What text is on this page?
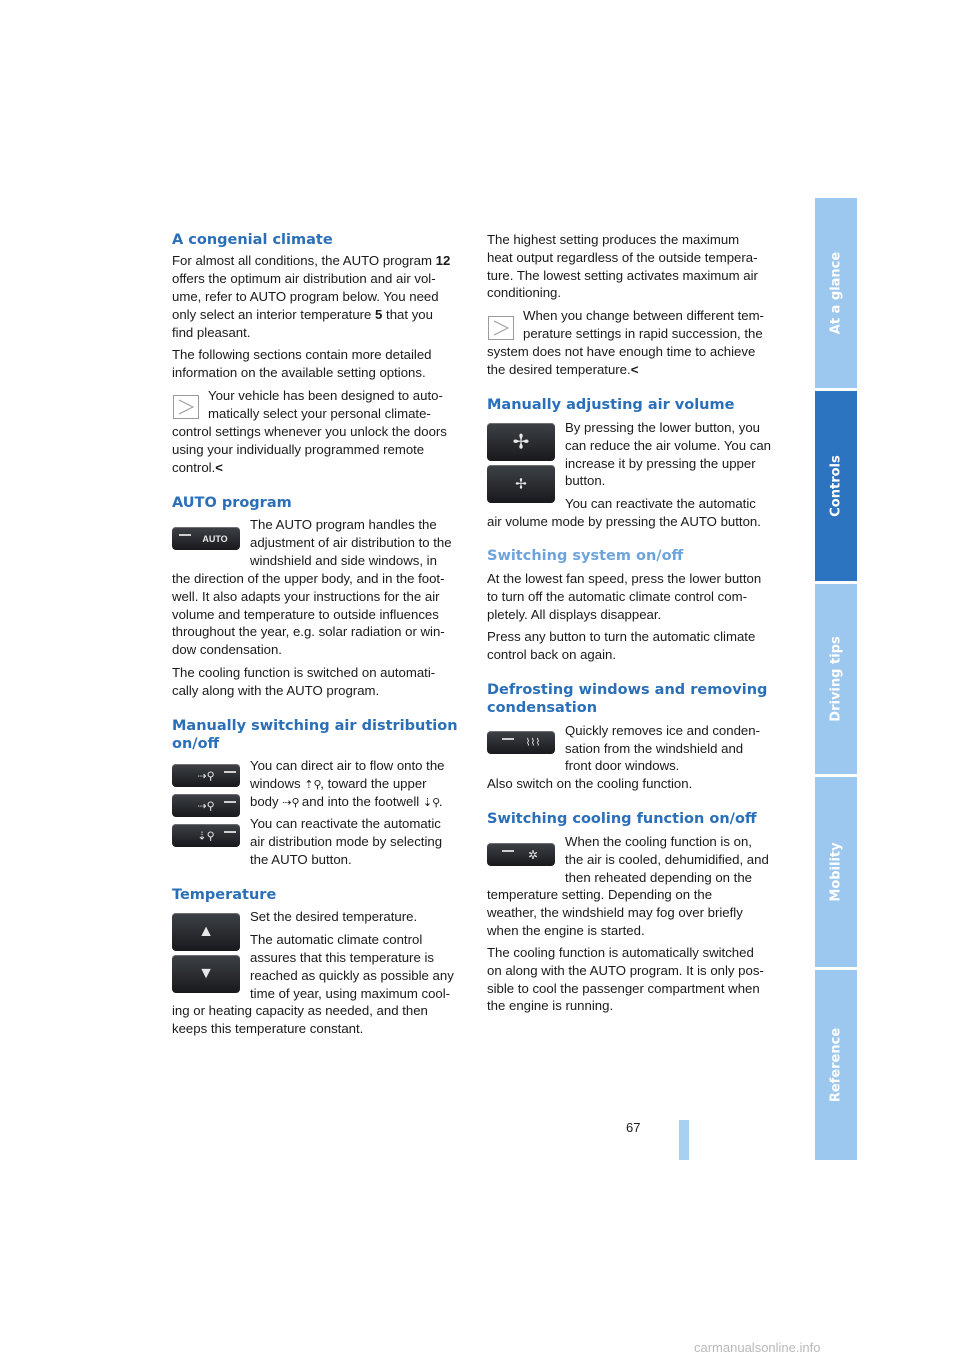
At a glance
Controls
Driving tips
Mobility
Reference
A congenial climate

For almost all conditions, the AUTO program 12

offers the optimum air distribution and air vol-

ume, refer to AUTO program below. You need

only select an interior temperature 5 that you

find pleasant.

The following sections contain more detailed

information on the available setting options.

Your vehicle has been designed to auto-

matically select your personal climate-

control settings whenever you unlock the doors

using your individually programmed remote

control.<

AUTO program
AUTO

The AUTO program handles the

adjustment of air distribution to the

windshield and side windows, in

the direction of the upper body, and in the foot-

well. It also adapts your instructions for the air

volume and temperature to outside influences

throughout the year, e.g. solar radiation or win-

dow condensation.

The cooling function is switched on automati-

cally along with the AUTO program.

Manually switching air distribution
on/off
⇢⚲
⇢⚲
⇣⚲

You can direct air to flow onto the

windows ⇡⚲, toward the upper

body ⇢⚲ and into the footwell ⇣⚲.

You can reactivate the automatic

air distribution mode by selecting

the AUTO button.

Temperature
▲
▼

Set the desired temperature.

The automatic climate control

assures that this temperature is

reached as quickly as possible any

time of year, using maximum cool-

ing or heating capacity as needed, and then

keeps this temperature constant.

The highest setting produces the maximum

heat output regardless of the outside tempera-

ture. The lowest setting activates maximum air

conditioning.

When you change between different tem-

perature settings in rapid succession, the

system does not have enough time to achieve

the desired temperature.<

Manually adjusting air volume
✢
✢

By pressing the lower button, you

can reduce the air volume. You can

increase it by pressing the upper

button.

You can reactivate the automatic

air volume mode by pressing the AUTO button.

Switching system on/off

At the lowest fan speed, press the lower button

to turn off the automatic climate control com-

pletely. All displays disappear.

Press any button to turn the automatic climate

control back on again.

Defrosting windows and removing
condensation
⌇⌇⌇

Quickly removes ice and conden-

sation from the windshield and

front door windows.

Also switch on the cooling function.

Switching cooling function on/off
✲

When the cooling function is on,

the air is cooled, dehumidified, and

then reheated depending on the

temperature setting. Depending on the

weather, the windshield may fog over briefly

when the engine is started.

The cooling function is automatically switched

on along with the AUTO program. It is only pos-

sible to cool the passenger compartment when

the engine is running.

67
carmanualsonline.info
